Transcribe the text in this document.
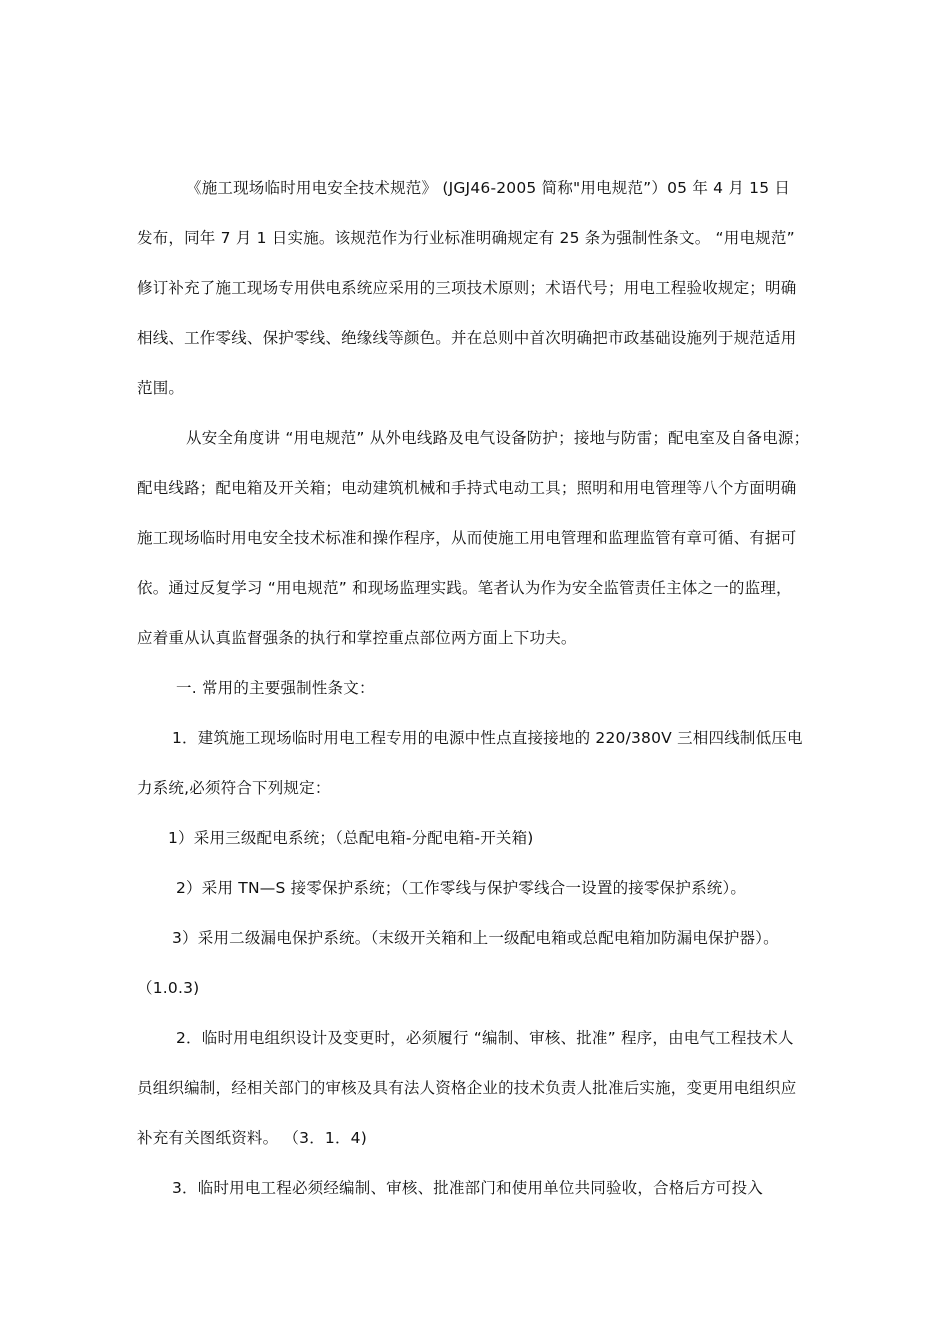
《施工现场临时用电安全技术规范》 (JGJ46-2005 简称"用电规范”）05 年 4 月 15 日
发布，同年 7 月 1 日实施。该规范作为行业标准明确规定有 25 条为强制性条文。 “用电规范”
修订补充了施工现场专用供电系统应采用的三项技术原则；术语代号；用电工程验收规定；明确
相线、工作零线、保护零线、绝缘线等颜色。并在总则中首次明确把市政基础设施列于规范适用
范围。
从安全角度讲 “用电规范” 从外电线路及电气设备防护；接地与防雷；配电室及自备电源；
配电线路；配电箱及开关箱；电动建筑机械和手持式电动工具；照明和用电管理等八个方面明确
施工现场临时用电安全技术标准和操作程序，从而使施工用电管理和监理监管有章可循、有据可
依。通过反复学习 “用电规范” 和现场监理实践。笔者认为作为安全监管责任主体之一的监理，
应着重从认真监督强条的执行和掌控重点部位两方面上下功夫。
一. 常用的主要强制性条文：
1．建筑施工现场临时用电工程专用的电源中性点直接接地的 220/380V 三相四线制低压电
力系统,必须符合下列规定：
1）采用三级配电系统；（总配电箱-分配电箱-开关箱)
2）采用 TN—S 接零保护系统；（工作零线与保护零线合一设置的接零保护系统）。
3）采用二级漏电保护系统。（末级开关箱和上一级配电箱或总配电箱加防漏电保护器）。
（1.0.3)
2．临时用电组织设计及变更时，必须履行 “编制、审核、批准” 程序，由电气工程技术人
员组织编制，经相关部门的审核及具有法人资格企业的技术负责人批准后实施，变更用电组织应
补充有关图纸资料。 （3．1．4)
3．临时用电工程必须经编制、审核、批准部门和使用单位共同验收，合格后方可投入
